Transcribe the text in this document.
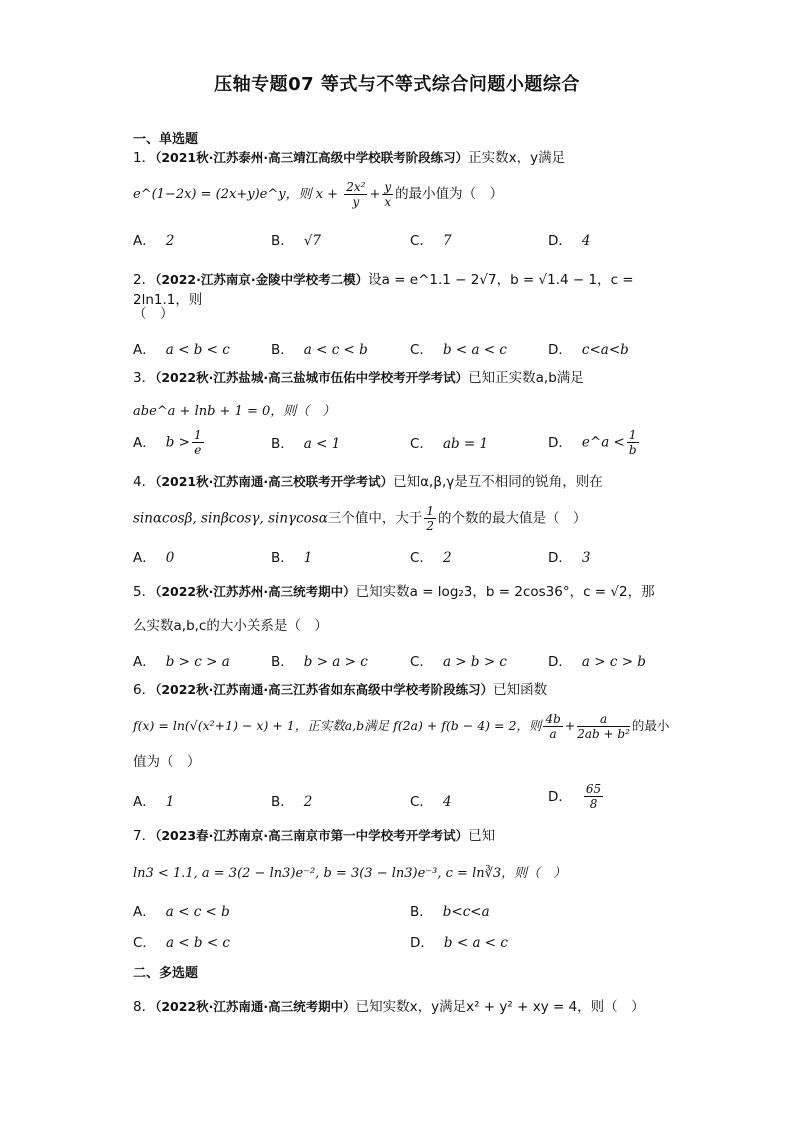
压轴专题07 等式与不等式综合问题小题综合
一、单选题
1．（2021秋·江苏泰州·高三靖江高级中学校联考阶段练习）正实数x，y满足
e^(1−2x) = (2x+y)e^y，则 $x + \frac{\text{2x²}}{y} + \frac{y}{x}$ 的最小值为（　）
A． 2	B． √7	C． 7	D． 4
2．（2022·江苏南京·金陵中学校考二模）设a = e^1.1 − 2√7，b = √1.4 − 1，c = 2ln1.1，则
（　）
A． a < b < c	B． a < c < b	C． b < a < c	D． c<a<b
3．（2022秋·江苏盐城·高三盐城市伍佑中学校考开学考试）已知正实数a,b满足
abe^a + lnb + 1 = 0，则（　）
A． $b > \frac{1}{e}$	B． a < 1	C． ab = 1	D． e^a < $\frac{1}{b}$
4．（2021秋·江苏南通·高三校联考开学考试）已知α,β,γ是互不相同的锐角，则在
sinαcosβ, sinβcosγ, sinγcosα三个值中，大于 $\frac{1}{2}$ 的个数的最大值是（　）
A． 0	B． 1	C． 2	D． 3
5．（2022秋·江苏苏州·高三统考期中）已知实数a = log₂3，b = 2cos36°，c = √2，那
么实数a,b,c的大小关系是（　）
A． b > c > a	B． b > a > c	C． a > b > c	D． a > c > b
6．（2022秋·江苏南通·高三江苏省如东高级中学校考阶段练习）已知函数
f(x) = ln(√(x²+1) − x) + 1，正实数a,b满足 f(2a) + f(b − 4) = 2，则 $\frac{4b}{a} + \frac{a}{\text{2ab + b²}}$ 的最小
值为（　）
A． 1	B． 2	C． 4	D． $\frac{65}{8}$
7．（2023春·江苏南京·高三南京市第一中学校考开学考试）已知
ln3 < 1.1, a = 3(2 − ln3)e⁻², b = 3(3 − ln3)e⁻³, c = ln∛3，则（　）
A． a < c < b	B． b<c<a
C． a < b < c	D． b < a < c
二、多选题
8．（2022秋·江苏南通·高三统考期中）已知实数x，y满足x² + y² + xy = 4，则（　）
